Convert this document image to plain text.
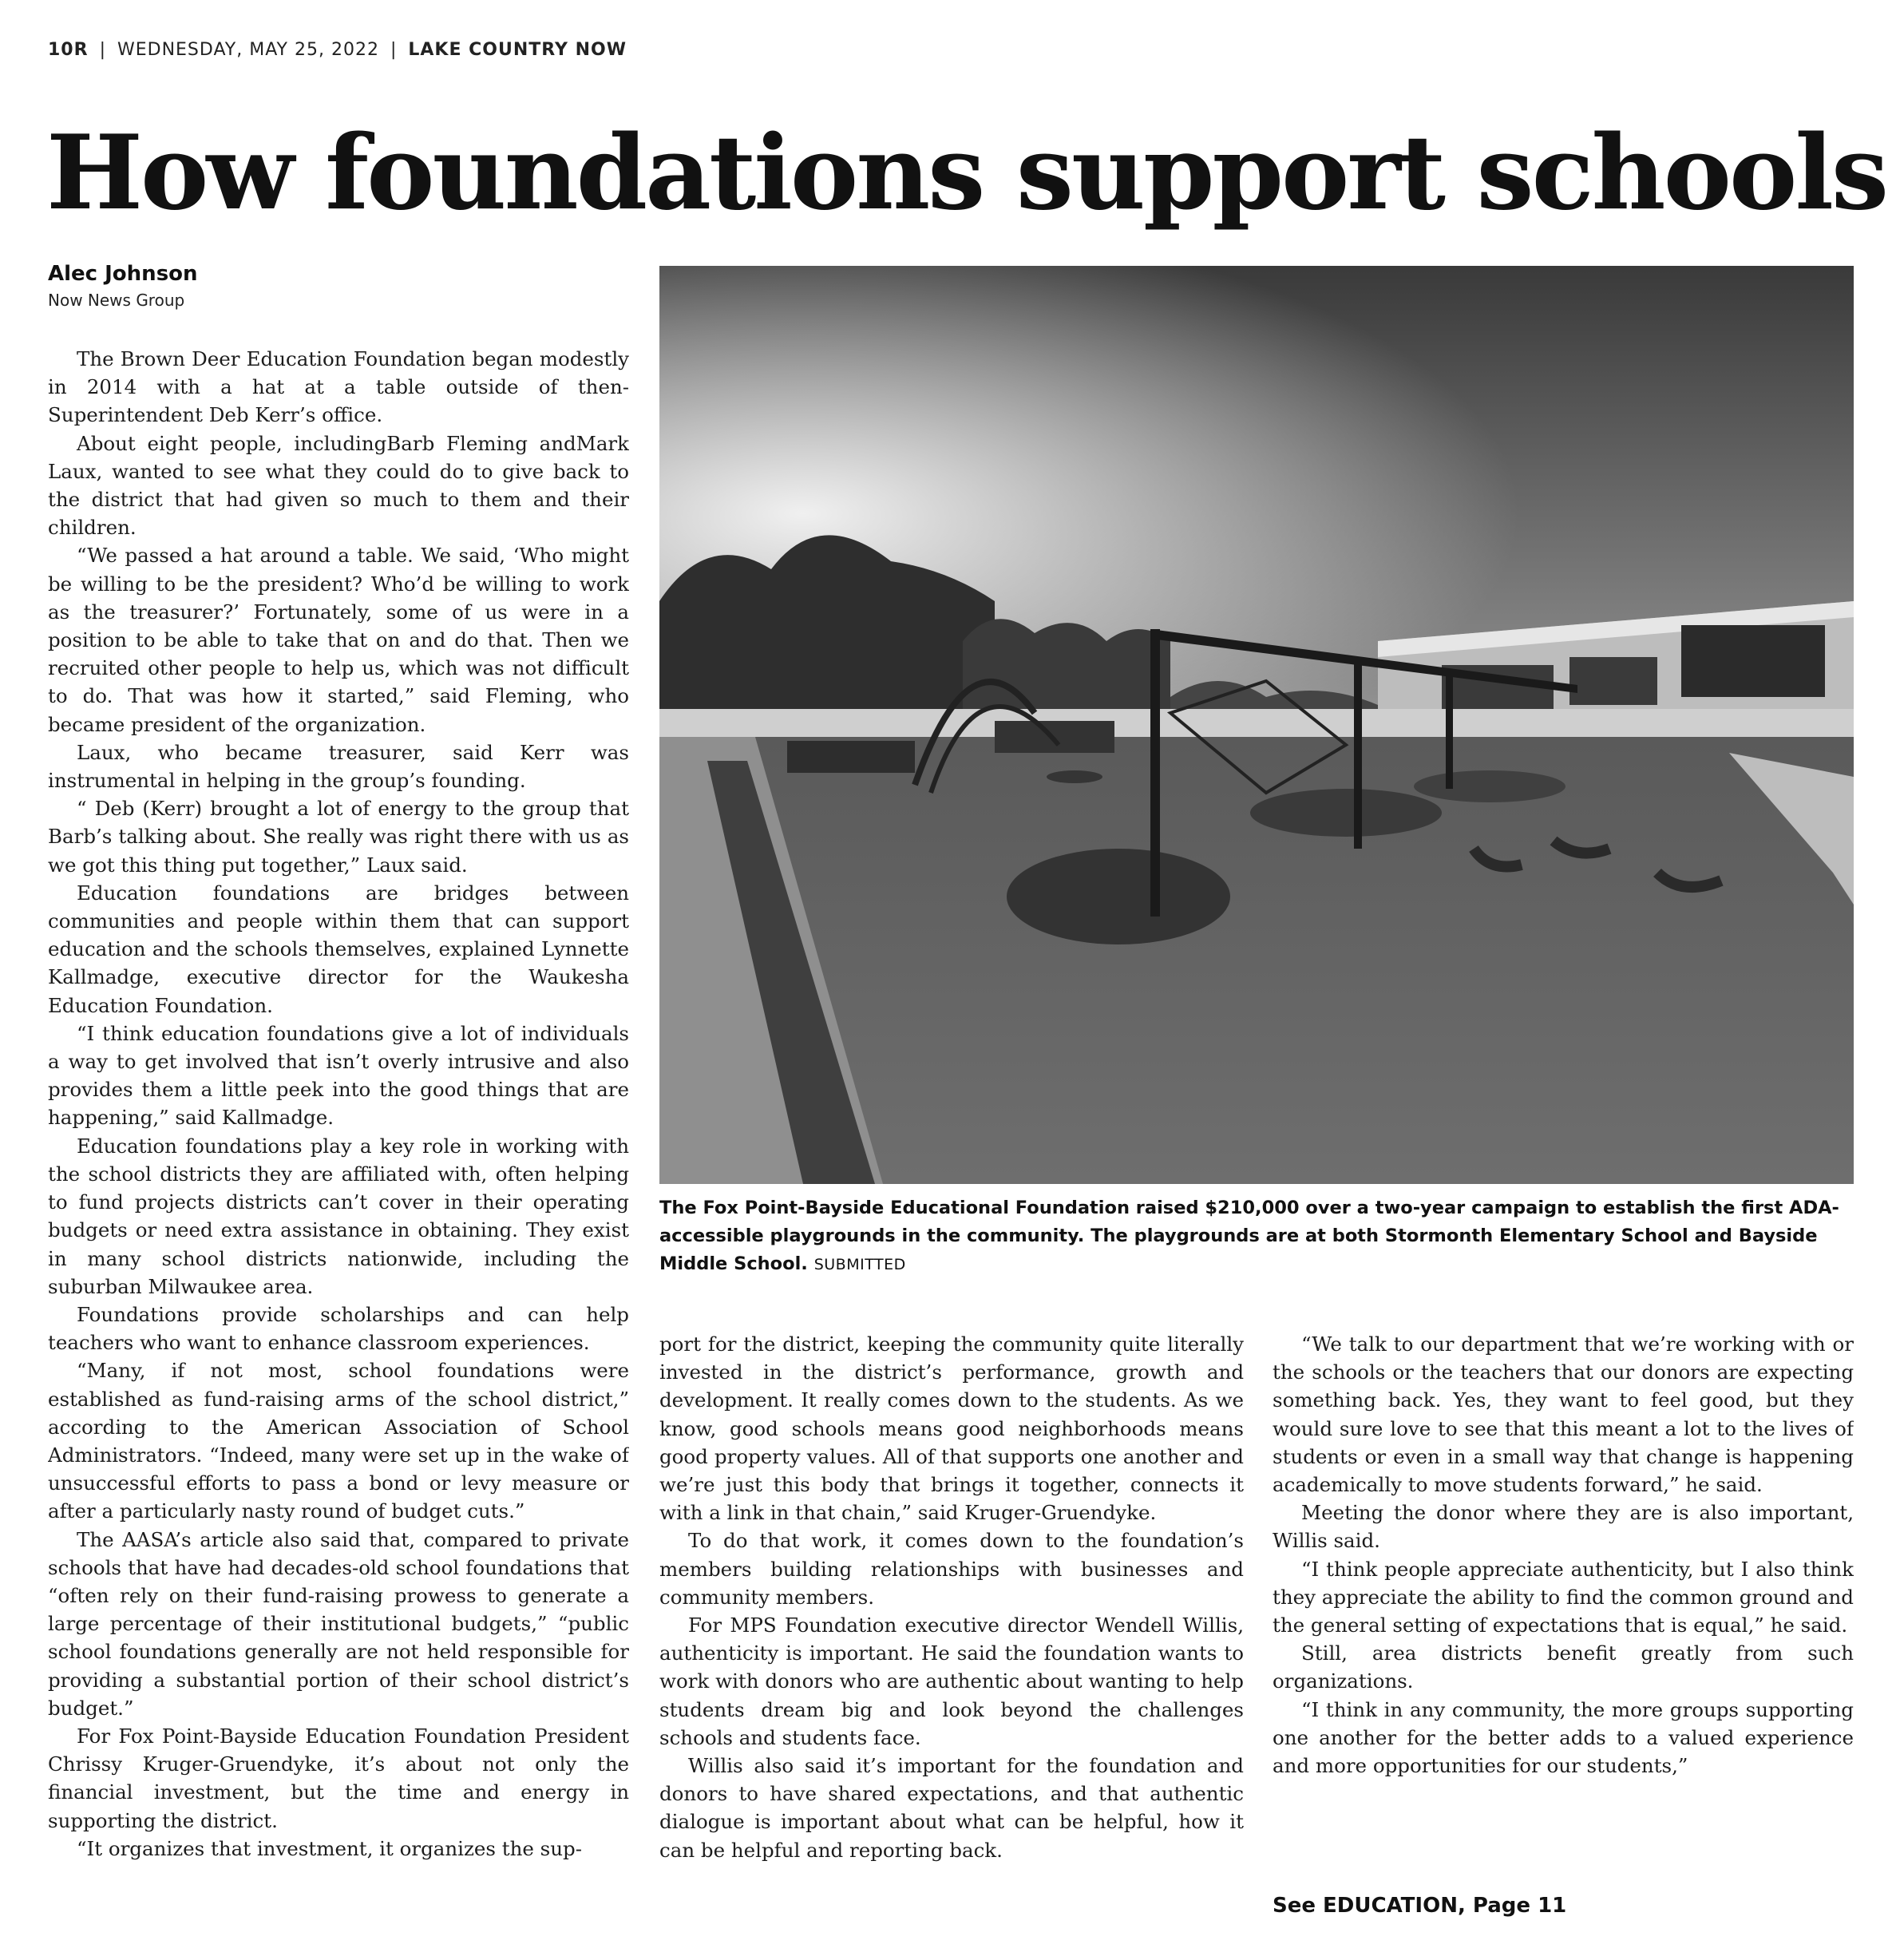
10R | WEDNESDAY, MAY 25, 2022 | LAKE COUNTRY NOW
How foundations support schools
Alec Johnson
Now News Group

The Brown Deer Education Foundation began modestly in 2014 with a hat at a table outside of then-Superintendent Deb Kerr’s office.

About eight people, includingBarb Fleming andMark Laux, wanted to see what they could do to give back to the district that had given so much to them and their children.

“We passed a hat around a table. We said, ‘Who might be willing to be the president? Who’d be willing to work as the treasurer?’ Fortunately, some of us were in a position to be able to take that on and do that. Then we recruited other people to help us, which was not difficult to do. That was how it started,” said Fleming, who became president of the organization.

Laux, who became treasurer, said Kerr was instrumental in helping in the group’s founding.

“ Deb (Kerr) brought a lot of energy to the group that Barb’s talking about. She really was right there with us as we got this thing put together,” Laux said.

Education foundations are bridges between communities and people within them that can support education and the schools themselves, explained Lynnette Kallmadge, executive director for the Waukesha Education Foundation.

“I think education foundations give a lot of individuals a way to get involved that isn’t overly intrusive and also provides them a little peek into the good things that are happening,” said Kallmadge.

Education foundations play a key role in working with the school districts they are affiliated with, often helping to fund projects districts can’t cover in their operating budgets or need extra assistance in obtaining. They exist in many school districts nationwide, including the suburban Milwaukee area.

Foundations provide scholarships and can help teachers who want to enhance classroom experiences.

“Many, if not most, school foundations were established as fund-raising arms of the school district,” according to the American Association of School Administrators. “Indeed, many were set up in the wake of unsuccessful efforts to pass a bond or levy measure or after a particularly nasty round of budget cuts.”

The AASA’s article also said that, compared to private schools that have had decades-old school foundations that “often rely on their fund-raising prowess to generate a large percentage of their institutional budgets,” “public school foundations generally are not held responsible for providing a substantial portion of their school district’s budget.”

For Fox Point-Bayside Education Foundation President Chrissy Kruger-Gruendyke, it’s about not only the financial investment, but the time and energy in supporting the district.

“It organizes that investment, it organizes the sup-

The Fox Point-Bayside Educational Foundation raised $210,000 over a two-year campaign to establish the first ADA-accessible playgrounds in the community. The playgrounds are at both Stormonth Elementary School and Bayside Middle School. SUBMITTED

port for the district, keeping the community quite literally invested in the district’s performance, growth and development. It really comes down to the students. As we know, good schools means good neighborhoods means good property values. All of that supports one another and we’re just this body that brings it together, connects it with a link in that chain,” said Kruger-Gruendyke.

To do that work, it comes down to the foundation’s members building relationships with businesses and community members.

For MPS Foundation executive director Wendell Willis, authenticity is important. He said the foundation wants to work with donors who are authentic about wanting to help students dream big and look beyond the challenges schools and students face.

Willis also said it’s important for the foundation and donors to have shared expectations, and that authentic dialogue is important about what can be helpful, how it can be helpful and reporting back.

“We talk to our department that we’re working with or the schools or the teachers that our donors are expecting something back. Yes, they want to feel good, but they would sure love to see that this meant a lot to the lives of students or even in a small way that change is happening academically to move students forward,” he said.

Meeting the donor where they are is also important, Willis said.

“I think people appreciate authenticity, but I also think they appreciate the ability to find the common ground and the general setting of expectations that is equal,” he said.

Still, area districts benefit greatly from such organizations.

“I think in any community, the more groups supporting one another for the better adds to a valued experience and more opportunities for our students,”

See EDUCATION, Page 11
